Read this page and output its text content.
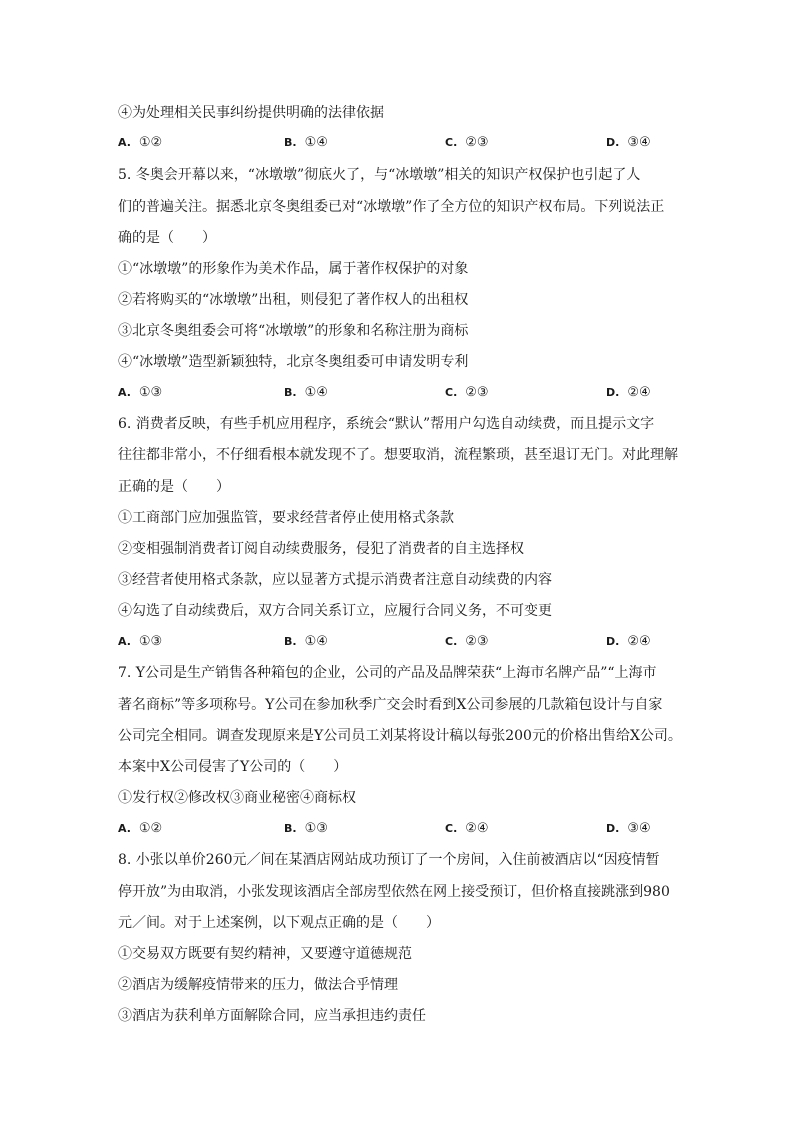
④为处理相关民事纠纷提供明确的法律依据
A. ①②	B. ①④	C. ②③	D. ③④
5. 冬奥会开幕以来，“冰墩墩”彻底火了，与“冰墩墩”相关的知识产权保护也引起了人
们的普遍关注。据悉北京冬奥组委已对“冰墩墩”作了全方位的知识产权布局。下列说法正
确的是（　　）
①“冰墩墩”的形象作为美术作品，属于著作权保护的对象
②若将购买的“冰墩墩”出租，则侵犯了著作权人的出租权
③北京冬奥组委会可将“冰墩墩”的形象和名称注册为商标
④“冰墩墩”造型新颖独特，北京冬奥组委可申请发明专利
A. ①③	B. ①④	C. ②③	D. ②④
6. 消费者反映，有些手机应用程序，系统会“默认”帮用户勾选自动续费，而且提示文字
往往都非常小，不仔细看根本就发现不了。想要取消，流程繁琐，甚至退订无门。对此理解
正确的是（　　）
①工商部门应加强监管，要求经营者停止使用格式条款
②变相强制消费者订阅自动续费服务，侵犯了消费者的自主选择权
③经营者使用格式条款，应以显著方式提示消费者注意自动续费的内容
④勾选了自动续费后，双方合同关系订立，应履行合同义务，不可变更
A. ①③	B. ①④	C. ②③	D. ②④
7. Y公司是生产销售各种箱包的企业，公司的产品及品牌荣获“上海市名牌产品”“上海市
著名商标”等多项称号。Y公司在参加秋季广交会时看到X公司参展的几款箱包设计与自家
公司完全相同。调查发现原来是Y公司员工刘某将设计稿以每张200元的价格出售给X公司。
本案中X公司侵害了Y公司的（　　）
①发行权②修改权③商业秘密④商标权
A. ①②	B. ①③	C. ②④	D. ③④
8. 小张以单价260元／间在某酒店网站成功预订了一个房间，入住前被酒店以“因疫情暂
停开放”为由取消，小张发现该酒店全部房型依然在网上接受预订，但价格直接跳涨到980
元／间。对于上述案例，以下观点正确的是（　　）
①交易双方既要有契约精神，又要遵守道德规范
②酒店为缓解疫情带来的压力，做法合乎情理
③酒店为获利单方面解除合同，应当承担违约责任
